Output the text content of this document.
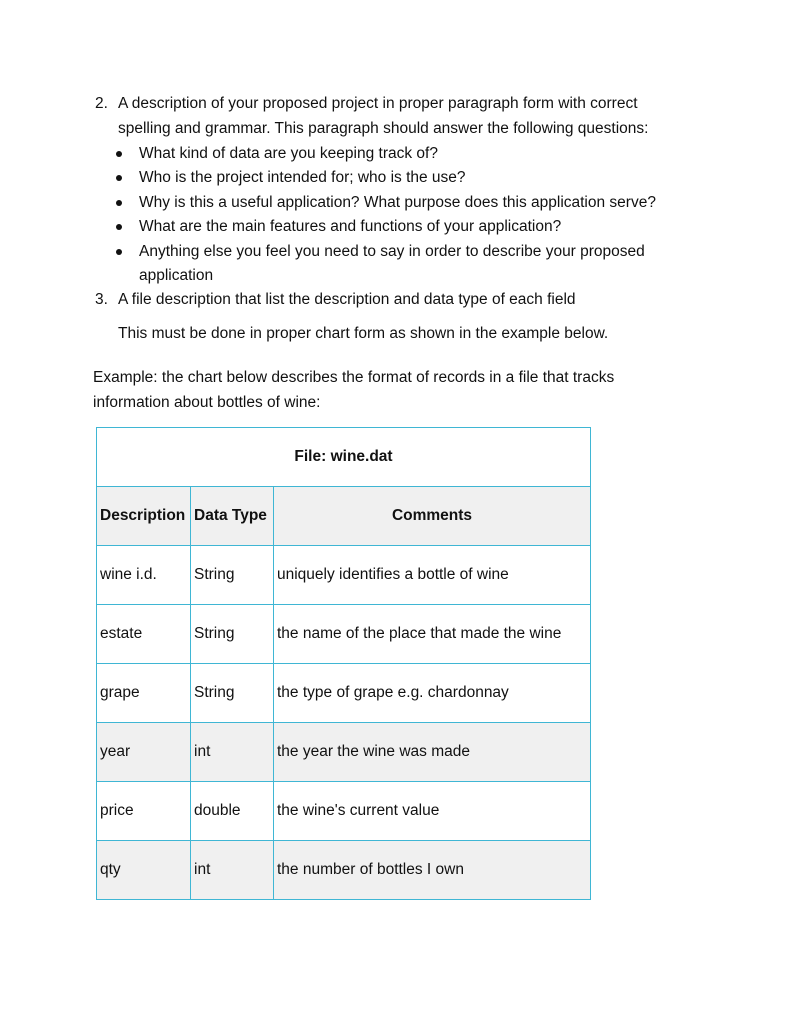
2. A description of your proposed project in proper paragraph form with correct
spelling and grammar. This paragraph should answer the following questions:
What kind of data are you keeping track of?
Who is the project intended for; who is the use?
Why is this a useful application? What purpose does this application serve?
What are the main features and functions of your application?
Anything else you feel you need to say in order to describe your proposed application
3. A file description that list the description and data type of each field
This must be done in proper chart form as shown in the example below.
Example: the chart below describes the format of records in a file that tracks
information about bottles of wine:
File: wine.dat		
Description	Data Type	Comments
wine i.d.	String	uniquely identifies a bottle of wine
estate	String	the name of the place that made the wine
grape	String	the type of grape e.g. chardonnay
year	int	the year the wine was made
price	double	the wine's current value
qty	int	the number of bottles I own
